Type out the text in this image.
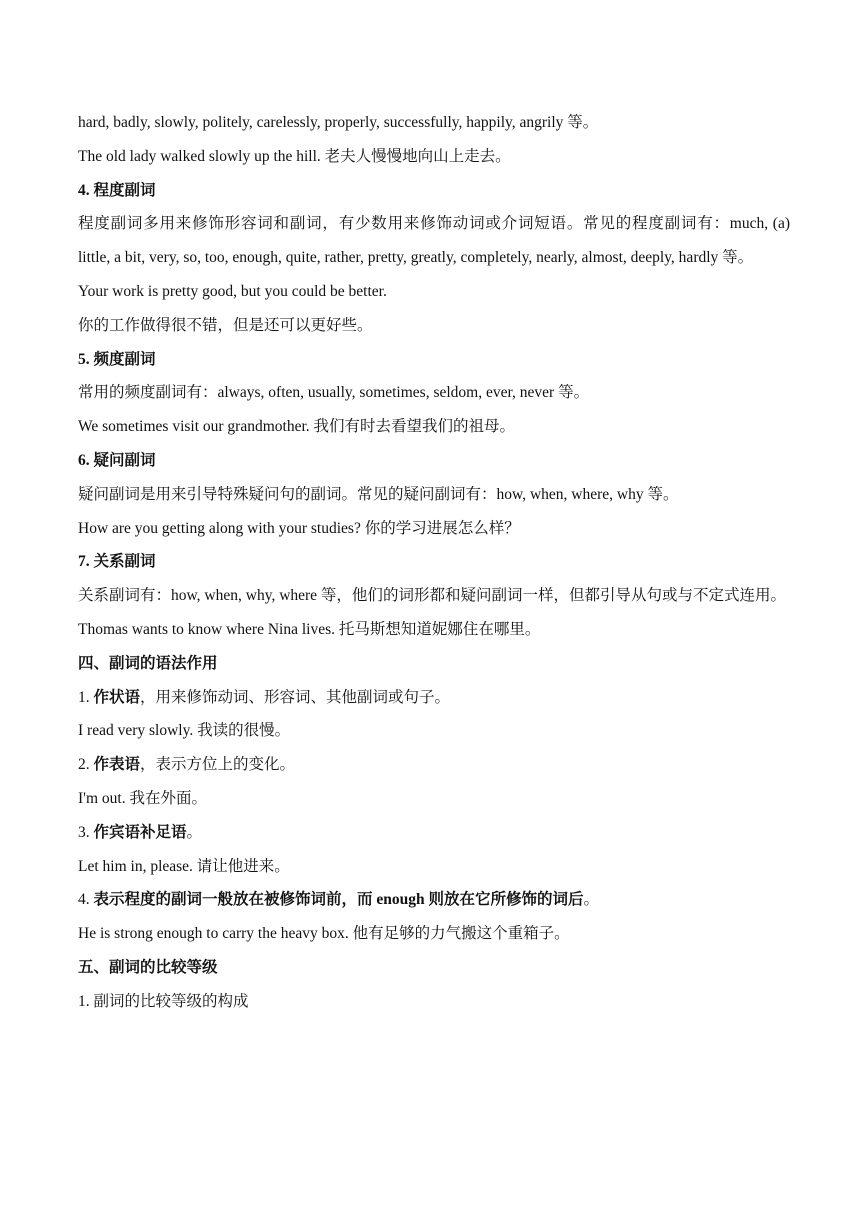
hard, badly, slowly, politely, carelessly, properly, successfully, happily, angrily 等。
The old lady walked slowly up the hill. 老夫人慢慢地向山上走去。
4. 程度副词
程度副词多用来修饰形容词和副词，有少数用来修饰动词或介词短语。常见的程度副词有：much, (a) little, a bit, very, so, too, enough, quite, rather, pretty, greatly, completely, nearly, almost, deeply, hardly 等。
Your work is pretty good, but you could be better.
你的工作做得很不错，但是还可以更好些。
5. 频度副词
常用的频度副词有：always, often, usually, sometimes, seldom, ever, never 等。
We sometimes visit our grandmother. 我们有时去看望我们的祖母。
6. 疑问副词
疑问副词是用来引导特殊疑问句的副词。常见的疑问副词有：how, when, where, why 等。
How are you getting along with your studies? 你的学习进展怎么样？
7. 关系副词
关系副词有：how, when, why, where 等，他们的词形都和疑问副词一样，但都引导从句或与不定式连用。
Thomas wants to know where Nina lives. 托马斯想知道妮娜住在哪里。
四、副词的语法作用
1. 作状语，用来修饰动词、形容词、其他副词或句子。
I read very slowly. 我读的很慢。
2. 作表语，表示方位上的变化。
I'm out. 我在外面。
3. 作宾语补足语。
Let him in, please. 请让他进来。
4. 表示程度的副词一般放在被修饰词前，而 enough 则放在它所修饰的词后。
He is strong enough to carry the heavy box. 他有足够的力气搬这个重箱子。
五、副词的比较等级
1. 副词的比较等级的构成
